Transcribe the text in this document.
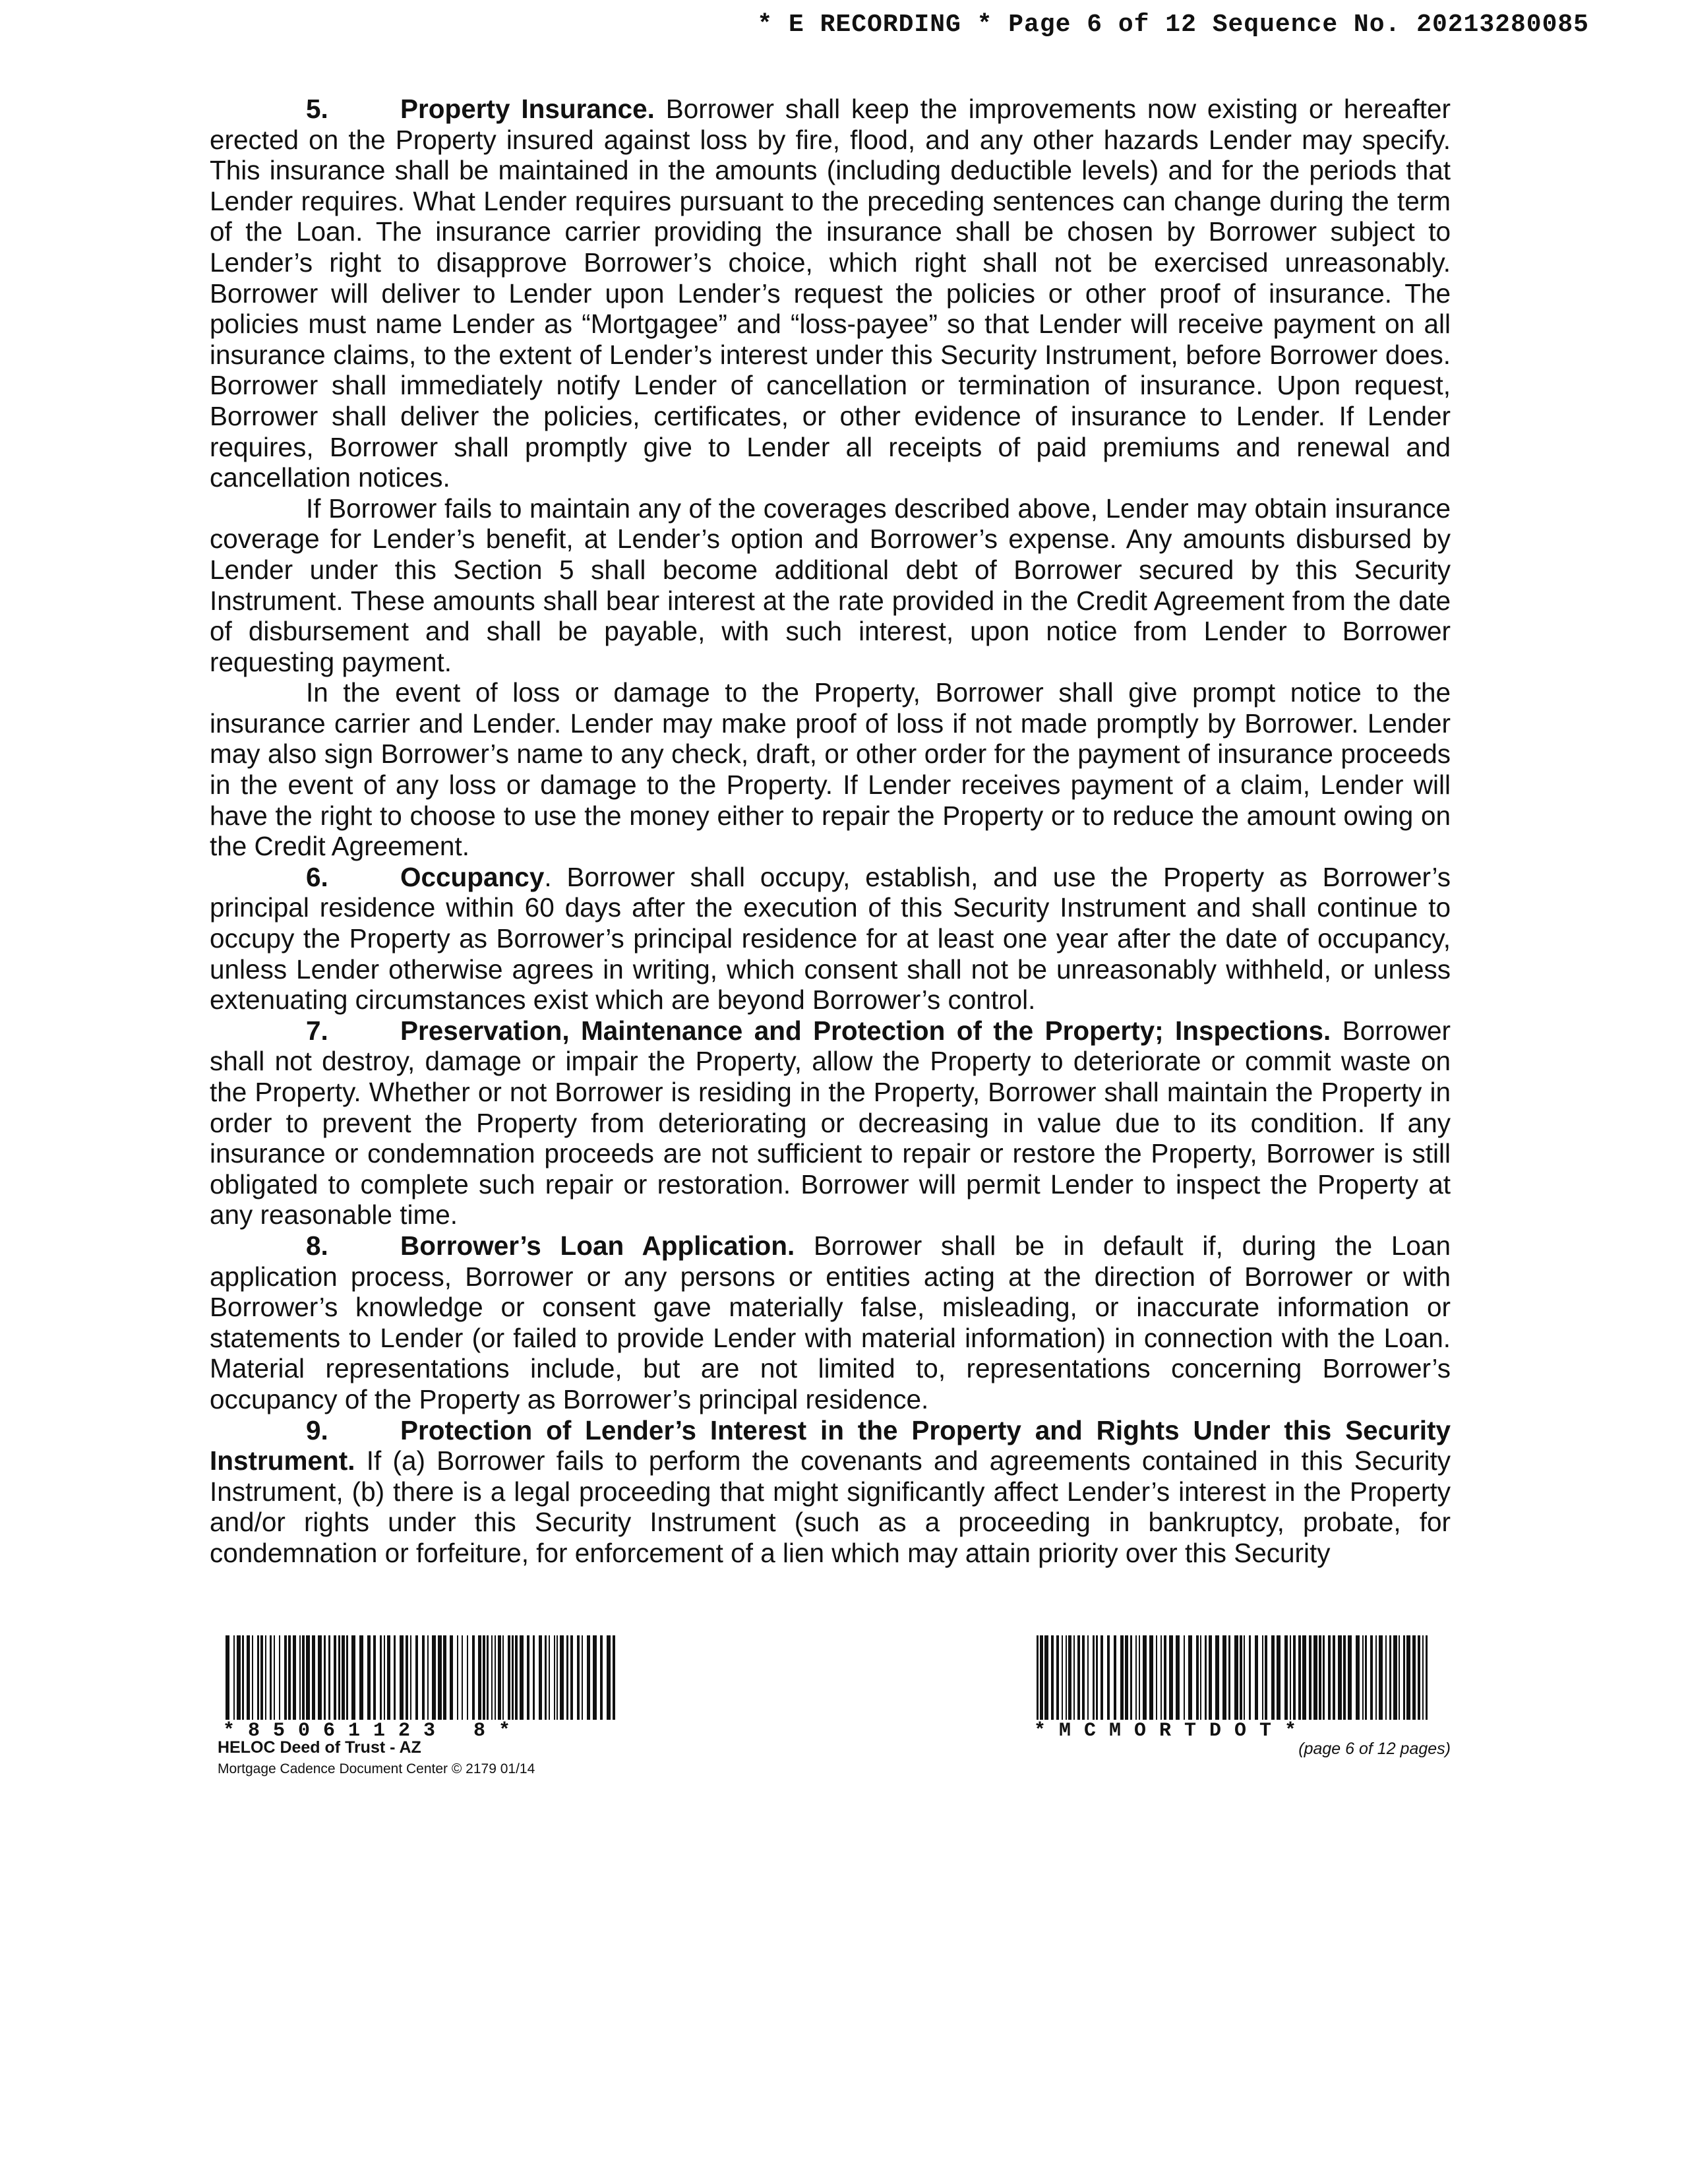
* E RECORDING * Page 6 of 12 Sequence No. 20213280085

5.	Property Insurance. Borrower shall keep the improvements now existing or hereafter erected on the Property insured against loss by fire, flood, and any other hazards Lender may specify. This insurance shall be maintained in the amounts (including deductible levels) and for the periods that Lender requires. What Lender requires pursuant to the preceding sentences can change during the term of the Loan. The insurance carrier providing the insurance shall be chosen by Borrower subject to Lender’s right to disapprove Borrower’s choice, which right shall not be exercised unreasonably. Borrower will deliver to Lender upon Lender’s request the policies or other proof of insurance. The policies must name Lender as “Mortgagee” and “loss-payee” so that Lender will receive payment on all insurance claims, to the extent of Lender’s interest under this Security Instrument, before Borrower does. Borrower shall immediately notify Lender of cancellation or termination of insurance. Upon request, Borrower shall deliver the policies, certificates, or other evidence of insurance to Lender. If Lender requires, Borrower shall promptly give to Lender all receipts of paid premiums and renewal and cancellation notices.

If Borrower fails to maintain any of the coverages described above, Lender may obtain insurance coverage for Lender’s benefit, at Lender’s option and Borrower’s expense. Any amounts disbursed by Lender under this Section 5 shall become additional debt of Borrower secured by this Security Instrument. These amounts shall bear interest at the rate provided in the Credit Agreement from the date of disbursement and shall be payable, with such interest, upon notice from Lender to Borrower requesting payment.

In the event of loss or damage to the Property, Borrower shall give prompt notice to the insurance carrier and Lender. Lender may make proof of loss if not made promptly by Borrower. Lender may also sign Borrower’s name to any check, draft, or other order for the payment of insurance proceeds in the event of any loss or damage to the Property. If Lender receives payment of a claim, Lender will have the right to choose to use the money either to repair the Property or to reduce the amount owing on the Credit Agreement.

6.	Occupancy. Borrower shall occupy, establish, and use the Property as Borrower’s principal residence within 60 days after the execution of this Security Instrument and shall continue to occupy the Property as Borrower’s principal residence for at least one year after the date of occupancy, unless Lender otherwise agrees in writing, which consent shall not be unreasonably withheld, or unless extenuating circumstances exist which are beyond Borrower’s control.

7.	Preservation, Maintenance and Protection of the Property; Inspections. Borrower shall not destroy, damage or impair the Property, allow the Property to deteriorate or commit waste on the Property. Whether or not Borrower is residing in the Property, Borrower shall maintain the Property in order to prevent the Property from deteriorating or decreasing in value due to its condition. If any insurance or condemnation proceeds are not sufficient to repair or restore the Property, Borrower is still obligated to complete such repair or restoration. Borrower will permit Lender to inspect the Property at any reasonable time.

8.	Borrower’s Loan Application. Borrower shall be in default if, during the Loan application process, Borrower or any persons or entities acting at the direction of Borrower or with Borrower’s knowledge or consent gave materially false, misleading, or inaccurate information or statements to Lender (or failed to provide Lender with material information) in connection with the Loan. Material representations include, but are not limited to, representations concerning Borrower’s occupancy of the Property as Borrower’s principal residence.

9.	Protection of Lender’s Interest in the Property and Rights Under this Security Instrument. If (a) Borrower fails to perform the covenants and agreements contained in this Security Instrument, (b) there is a legal proceeding that might significantly affect Lender’s interest in the Property and/or rights under this Security Instrument (such as a proceeding in bankruptcy, probate, for condemnation or forfeiture, for enforcement of a lien which may attain priority over this Security

*85061123 8*	*MCMORTDOT*
HELOC Deed of Trust - AZ
Mortgage Cadence Document Center © 2179 01/14
(page 6 of 12 pages)
